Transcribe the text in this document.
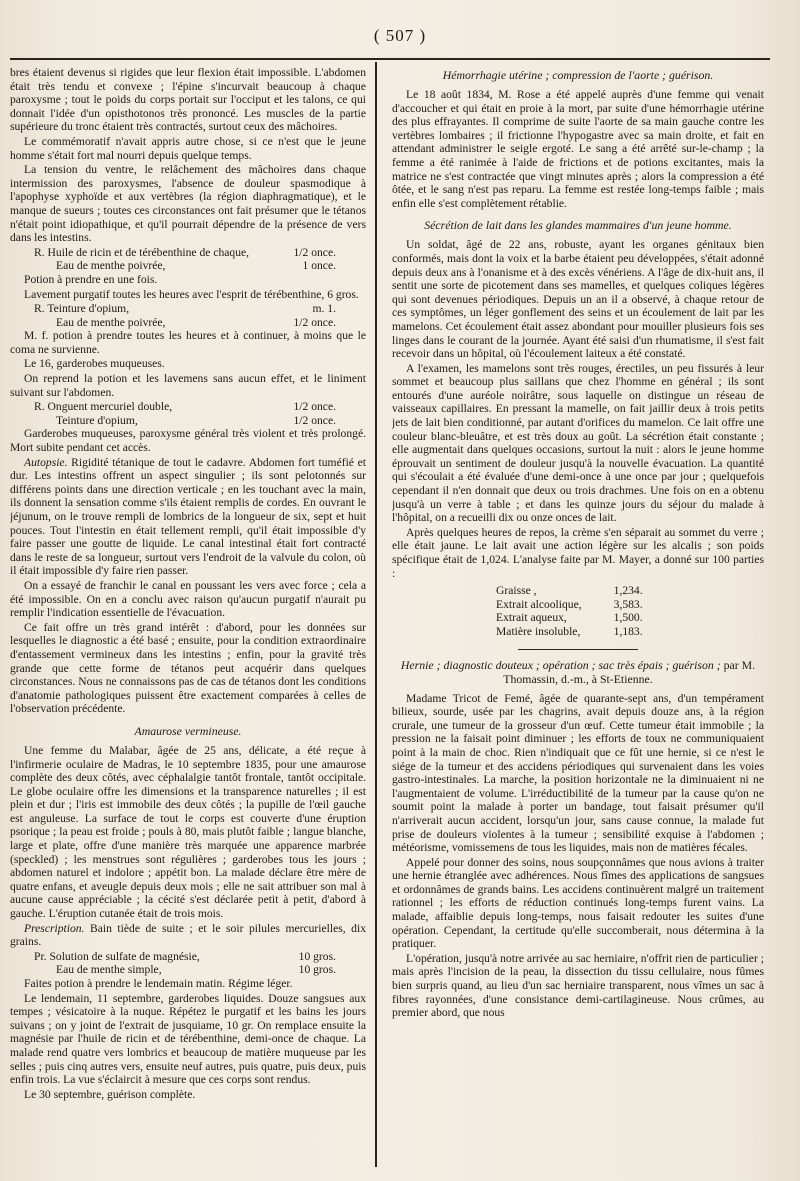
( 507 )

bres étaient devenus si rigides que leur flexion était impossible. L'abdomen était très tendu et convexe ; l'épine s'incurvait beaucoup à chaque paroxysme ; tout le poids du corps portait sur l'occiput et les talons, ce qui donnait l'idée d'un opisthotonos très prononcé. Les muscles de la partie supérieure du tronc étaient très contractés, surtout ceux des mâchoires.

Le commémoratif n'avait appris autre chose, si ce n'est que le jeune homme s'était fort mal nourri depuis quelque temps.

La tension du ventre, le relâchement des mâchoires dans chaque intermission des paroxysmes, l'absence de douleur spasmodique à l'apophyse xyphoïde et aux vertèbres (la région diaphragmatique), et le manque de sueurs ; toutes ces circonstances ont fait présumer que le tétanos n'était point idiopathique, et qu'il pourrait dépendre de la présence de vers dans les intestins.

R. Huile de ricin et de térébenthine de chaque,	1/2 once.
Eau de menthe poivrée,	1 once.

Potion à prendre en une fois.

Lavement purgatif toutes les heures avec l'esprit de térébenthine, 6 gros.

R. Teinture d'opium,	m. 1.
Eau de menthe poivrée,	1/2 once.

M. f. potion à prendre toutes les heures et à continuer, à moins que le coma ne survienne.

Le 16, garderobes muqueuses.

On reprend la potion et les lavemens sans aucun effet, et le liniment suivant sur l'abdomen.

R. Onguent mercuriel double,	1/2 once.
Teinture d'opium,	1/2 once.

Garderobes muqueuses, paroxysme général très violent et très prolongé. Mort subite pendant cet accès.

Autopsie. Rigidité tétanique de tout le cadavre. Abdomen fort tuméfié et dur. Les intestins offrent un aspect singulier ; ils sont pelotonnés sur différens points dans une direction verticale ; en les touchant avec la main, ils donnent la sensation comme s'ils étaient remplis de cordes. En ouvrant le jéjunum, on le trouve rempli de lombrics de la longueur de six, sept et huit pouces. Tout l'intestin en était tellement rempli, qu'il était impossible d'y faire passer une goutte de liquide. Le canal intestinal était fort contracté dans le reste de sa longueur, surtout vers l'endroit de la valvule du colon, où il était impossible d'y faire rien passer.

On a essayé de franchir le canal en poussant les vers avec force ; cela a été impossible. On en a conclu avec raison qu'aucun purgatif n'aurait pu remplir l'indication essentielle de l'évacuation.

Ce fait offre un très grand intérêt : d'abord, pour les données sur lesquelles le diagnostic a été basé ; ensuite, pour la condition extraordinaire d'entassement vermineux dans les intestins ; enfin, pour la gravité très grande que cette forme de tétanos peut acquérir dans quelques circonstances. Nous ne connaissons pas de cas de tétanos dont les conditions d'anatomie pathologiques puissent être exactement comparées à celles de l'observation précédente.

Amaurose vermineuse.

Une femme du Malabar, âgée de 25 ans, délicate, a été reçue à l'infirmerie oculaire de Madras, le 10 septembre 1835, pour une amaurose complète des deux côtés, avec céphalalgie tantôt frontale, tantôt occipitale. Le globe oculaire offre les dimensions et la transparence naturelles ; il est plein et dur ; l'iris est immobile des deux côtés ; la pupille de l'œil gauche est anguleuse. La surface de tout le corps est couverte d'une éruption psorique ; la peau est froide ; pouls à 80, mais plutôt faible ; langue blanche, large et plate, offre d'une manière très marquée une apparence marbrée (speckled) ; les menstrues sont régulières ; garderobes tous les jours ; abdomen naturel et indolore ; appétit bon. La malade déclare être mère de quatre enfans, et aveugle depuis deux mois ; elle ne sait attribuer son mal à aucune cause appréciable ; la cécité s'est déclarée petit à petit, d'abord à gauche. L'éruption cutanée était de trois mois.

Prescription. Bain tiède de suite ; et le soir pilules mercurielles, dix grains.

Pr. Solution de sulfate de magnésie,	10 gros.
Eau de menthe simple,	10 gros.

Faites potion à prendre le lendemain matin. Régime léger.

Le lendemain, 11 septembre, garderobes liquides. Douze sangsues aux tempes ; vésicatoire à la nuque. Répétez le purgatif et les bains les jours suivans ; on y joint de l'extrait de jusquiame, 10 gr. On remplace ensuite la magnésie par l'huile de ricin et de térébenthine, demi-once de chaque. La malade rend quatre vers lombrics et beaucoup de matière muqueuse par les selles ; puis cinq autres vers, ensuite neuf autres, puis quatre, puis deux, puis enfin trois. La vue s'éclaircit à mesure que ces corps sont rendus.

Le 30 septembre, guérison complète.

Hémorrhagie utérine ; compression de l'aorte ; guérison.

Le 18 août 1834, M. Rose a été appelé auprès d'une femme qui venait d'accoucher et qui était en proie à la mort, par suite d'une hémorrhagie utérine des plus effrayantes. Il comprime de suite l'aorte de sa main gauche contre les vertèbres lombaires ; il frictionne l'hypogastre avec sa main droite, et fait en attendant administrer le seigle ergoté. Le sang a été arrêté sur-le-champ ; la femme a été ranimée à l'aide de frictions et de potions excitantes, mais la matrice ne s'est contractée que vingt minutes après ; alors la compression a été ôtée, et le sang n'est pas reparu. La femme est restée long-temps faible ; mais enfin elle s'est complètement rétablie.

Sécrétion de lait dans les glandes mammaires d'un jeune homme.

Un soldat, âgé de 22 ans, robuste, ayant les organes génitaux bien conformés, mais dont la voix et la barbe étaient peu développées, s'était adonné depuis deux ans à l'onanisme et à des excès vénériens. A l'âge de dix-huit ans, il sentit une sorte de picotement dans ses mamelles, et quelques coliques légères qui sont devenues périodiques. Depuis un an il a observé, à chaque retour de ces symptômes, un léger gonflement des seins et un écoulement de lait par les mamelons. Cet écoulement était assez abondant pour mouiller plusieurs fois ses linges dans le courant de la journée. Ayant été saisi d'un rhumatisme, il s'est fait recevoir dans un hôpital, où l'écoulement laiteux a été constaté.

A l'examen, les mamelons sont très rouges, érectiles, un peu fissurés à leur sommet et beaucoup plus saillans que chez l'homme en général ; ils sont entourés d'une auréole noirâtre, sous laquelle on distingue un réseau de vaisseaux capillaires. En pressant la mamelle, on fait jaillir deux à trois petits jets de lait bien conditionné, par autant d'orifices du mamelon. Ce lait offre une couleur blanc-bleuâtre, et est très doux au goût. La sécrétion était constante ; elle augmentait dans quelques occasions, surtout la nuit : alors le jeune homme éprouvait un sentiment de douleur jusqu'à la nouvelle évacuation. La quantité qui s'écoulait a été évaluée d'une demi-once à une once par jour ; quelquefois cependant il n'en donnait que deux ou trois drachmes. Une fois on en a obtenu jusqu'à un verre à table ; et dans les quinze jours du séjour du malade à l'hôpital, on a recueilli dix ou onze onces de lait.

Après quelques heures de repos, la crème s'en séparait au sommet du verre ; elle était jaune. Le lait avait une action légère sur les alcalis ; son poids spécifique était de 1,024. L'analyse faite par M. Mayer, a donné sur 100 parties :

Graisse ,	1,234.
Extrait alcoolique,	3,583.
Extrait aqueux,	1,500.
Matière insoluble,	1,183.
Hernie ; diagnostic douteux ; opération ; sac très épais ; guérison ; par M. Thomassin, d.-m., à St-Etienne.

Madame Tricot de Femé, âgée de quarante-sept ans, d'un tempérament bilieux, sourde, usée par les chagrins, avait depuis douze ans, à la région crurale, une tumeur de la grosseur d'un œuf. Cette tumeur était immobile ; la pression ne la faisait point diminuer ; les efforts de toux ne communiquaient point à la main de choc. Rien n'indiquait que ce fût une hernie, si ce n'est le siége de la tumeur et des accidens périodiques qui survenaient dans les voies gastro-intestinales. La marche, la position horizontale ne la diminuaient ni ne l'augmentaient de volume. L'irréductibilité de la tumeur par la cause qu'on ne soumit point la malade à porter un bandage, tout faisait présumer qu'il n'arriverait aucun accident, lorsqu'un jour, sans cause connue, la malade fut prise de douleurs violentes à la tumeur ; sensibilité exquise à l'abdomen ; météorisme, vomissemens de tous les liquides, mais non de matières fécales.

Appelé pour donner des soins, nous soupçonnâmes que nous avions à traiter une hernie étranglée avec adhérences. Nous fîmes des applications de sangsues et ordonnâmes de grands bains. Les accidens continuèrent malgré un traitement rationnel ; les efforts de réduction continués long-temps furent vains. La malade, affaiblie depuis long-temps, nous faisait redouter les suites d'une opération. Cependant, la certitude qu'elle succomberait, nous détermina à la pratiquer.

L'opération, jusqu'à notre arrivée au sac herniaire, n'offrit rien de particulier ; mais après l'incision de la peau, la dissection du tissu cellulaire, nous fûmes bien surpris quand, au lieu d'un sac herniaire transparent, nous vîmes un sac à fibres rayonnées, d'une consistance demi-cartilagineuse. Nous crûmes, au premier abord, que nous
